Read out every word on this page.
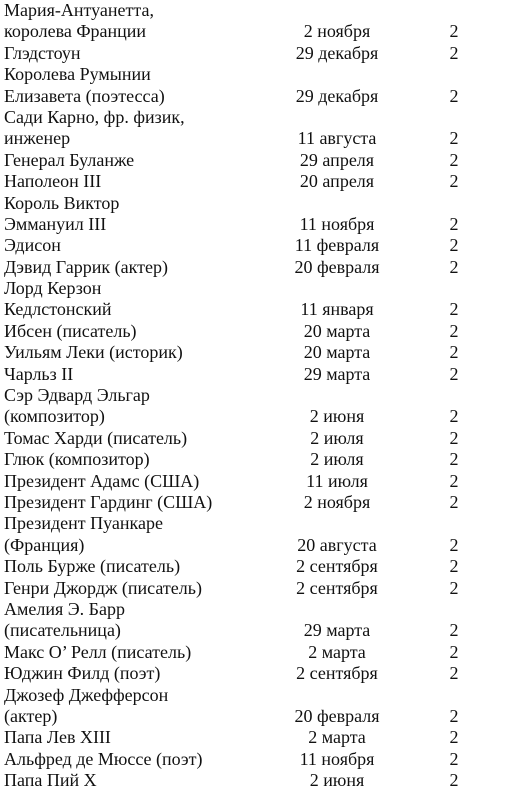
Мария-Антуанетта,
королева Франции	2 ноября	2
Глэдстоун	29 декабря	2
Королева Румынии
Елизавета (поэтесса)	29 декабря	2
Сади Карно, фр. физик,
инженер	11 августа	2
Генерал Буланже	29 апреля	2
Наполеон III	20 апреля	2
Король Виктор
Эммануил III	11 ноября	2
Эдисон	11 февраля	2
Дэвид Гаррик (актер)	20 февраля	2
Лорд Керзон
Кедлстонский	11 января	2
Ибсен (писатель)	20 марта	2
Уильям Леки (историк)	20 марта	2
Чарльз II	29 марта	2
Сэр Эдвард Эльгар
(композитор)	2 июня	2
Томас Харди (писатель)	2 июля	2
Глюк (композитор)	2 июля	2
Президент Адамс (США)	11 июля	2
Президент Гардинг (США)	2 ноября	2
Президент Пуанкаре
(Франция)	20 августа	2
Поль Бурже (писатель)	2 сентября	2
Генри Джордж (писатель)	2 сентября	2
Амелия Э. Барр
(писательница)	29 марта	2
Макс О’ Релл (писатель)	2 марта	2
Юджин Филд (поэт)	2 сентября	2
Джозеф Джефферсон
(актер)	20 февраля	2
Папа Лев XIII	2 марта	2
Альфред де Мюссе (поэт)	11 ноября	2
Папа Пий X	2 июня	2
